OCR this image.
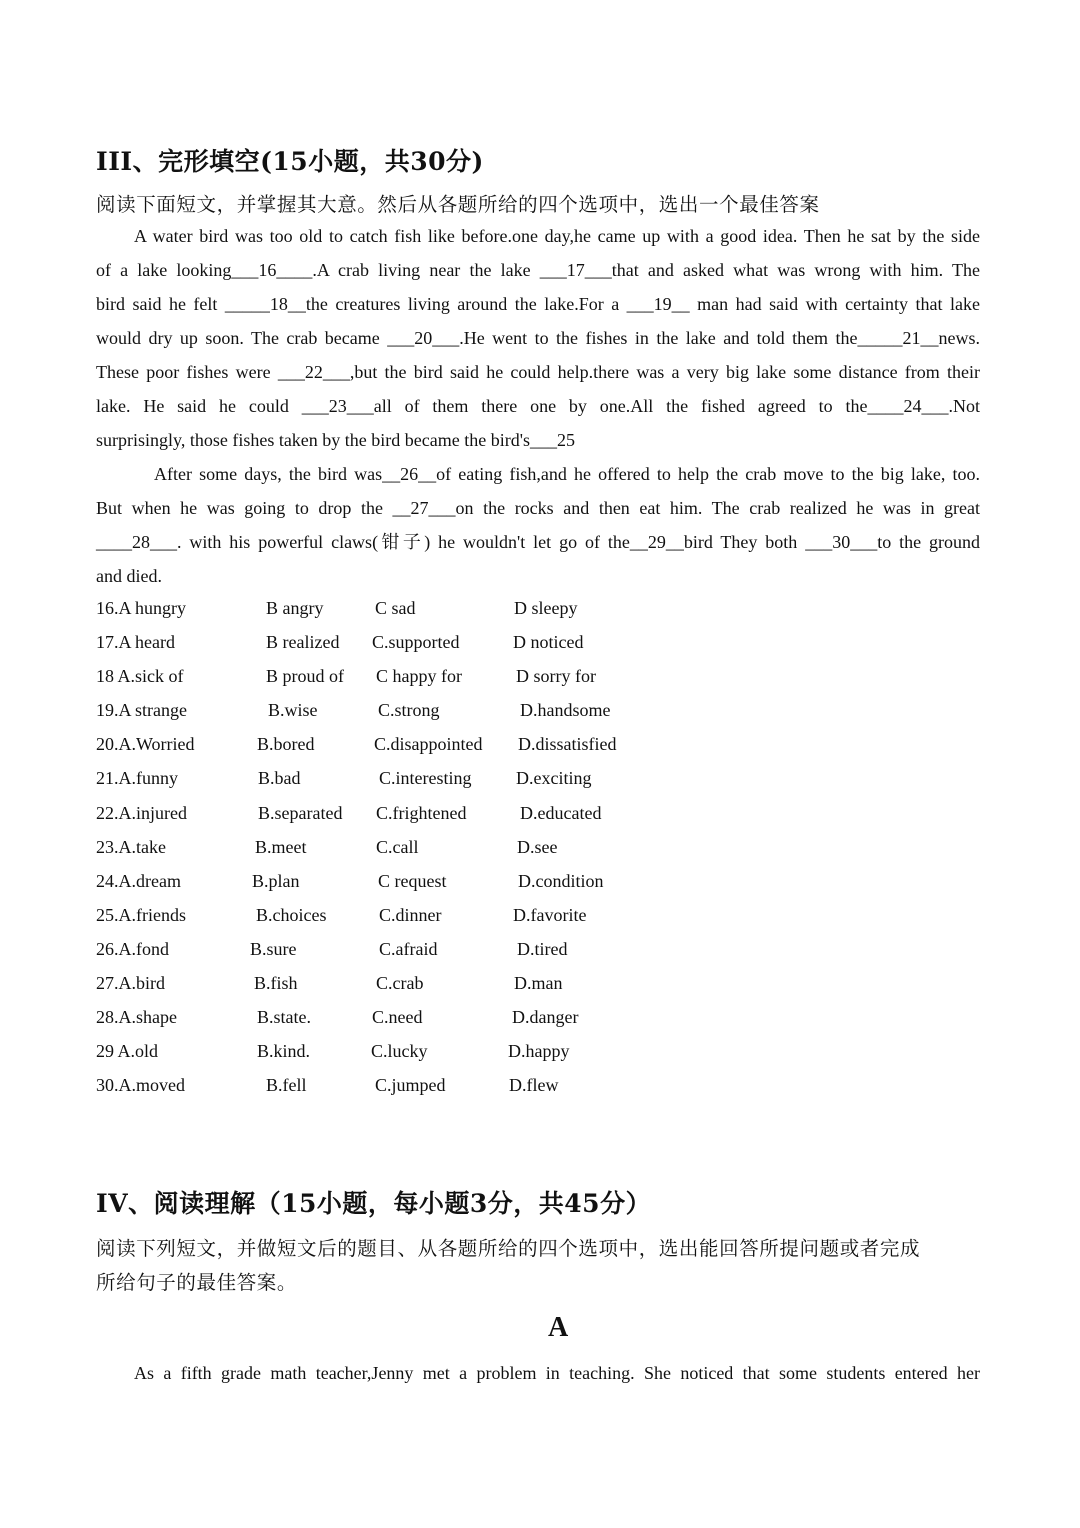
III、完形填空(15小题，共30分)
阅读下面短文，并掌握其大意。然后从各题所给的四个选项中，选出一个最佳答案
A water bird was too old to catch fish like before.one day,he came up with a good idea. Then he sat by the side
of a lake looking___16____.A crab living near the lake ___17___that and asked what was wrong with him. The
bird said he felt _____18__the creatures living around the lake.For a ___19__ man had said with certainty that lake
would dry up soon. The crab became ___20___.He went to the fishes in the lake and told them the_____21__news.
These poor fishes were ___22___,but the bird said he could help.there was a very big lake some distance from their
lake. He said he could ___23___all of them there one by one.All the fished agreed to the____24___.Not
surprisingly, those fishes taken by the bird became the bird's___25
After some days, the bird was__26__of eating fish,and he offered to help the crab move to the big lake, too.
But when he was going to drop the __27___on the rocks and then eat him. The crab realized he was in great
____28___. with his powerful claws(钳子) he wouldn't let go of the__29__bird They both ___30___to the ground
and died.
16.A hungry	B angry	C sad	D sleepy
17.A heard	B realized C.supported	D noticed
18 A.sick of	B proud of C happy for	D sorry for
19.A strange	B.wise	C.strong	D.handsome
20.A.Worried	B.bored	C.disappointed D.dissatisfied
21.A.funny	B.bad	C.interesting D.exciting
22.A.injured	B.separated C.frightened	D.educated
23.A.take	B.meet	C.call	D.see
24.A.dream	B.plan	C request	D.condition
25.A.friends	B.choices	C.dinner	D.favorite
26.A.fond	B.sure	C.afraid	D.tired
27.A.bird	B.fish	C.crab	D.man
28.A.shape	B.state.	C.need	D.danger
29 A.old	B.kind.	C.lucky	D.happy
30.A.moved	B.fell	C.jumped	D.flew
IV、阅读理解（15小题，每小题3分，共45分）
阅读下列短文，并做短文后的题目、从各题所给的四个选项中，选出能回答所提问题或者完成
所给句子的最佳答案。
A
As a fifth grade math teacher,Jenny met a problem in teaching. She noticed that some students entered her
